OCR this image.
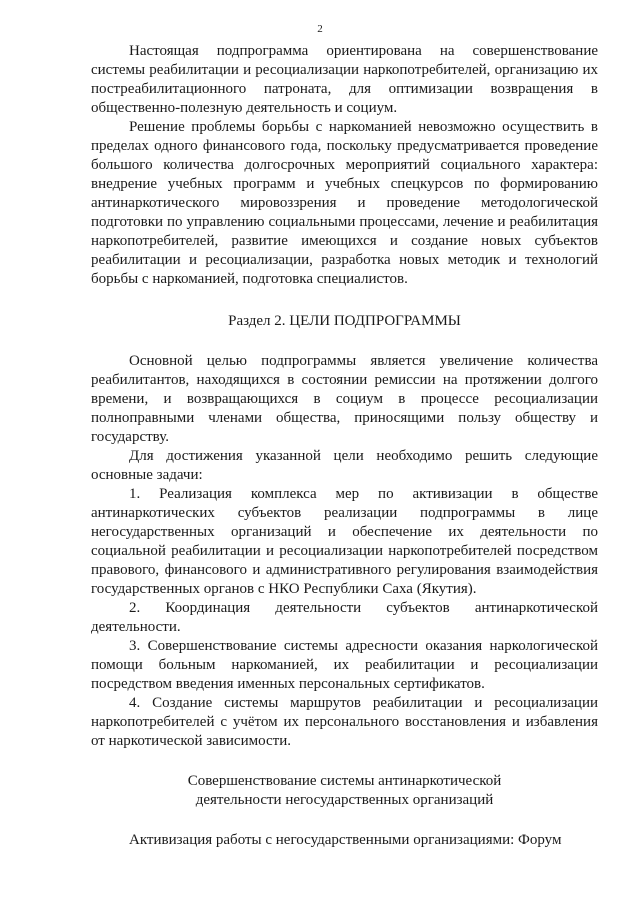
2

Настоящая подпрограмма ориентирована на совершенствование системы реабилитации и ресоциализации наркопотребителей, организацию их постреабилитационного патроната, для оптимизации возвращения в общественно-полезную деятельность и социум.

Решение проблемы борьбы с наркоманией невозможно осуществить в пределах одного финансового года, поскольку предусматривается проведение большого количества долгосрочных мероприятий социального характера: внедрение учебных программ и учебных спецкурсов по формированию антинаркотического мировоззрения и проведение методологической подготовки по управлению социальными процессами, лечение и реабилитация наркопотребителей, развитие имеющихся и создание новых субъектов реабилитации и ресоциализации, разработка новых методик и технологий борьбы с наркоманией, подготовка специалистов.

Раздел 2. ЦЕЛИ ПОДПРОГРАММЫ

Основной целью подпрограммы является увеличение количества реабилитантов, находящихся в состоянии ремиссии на протяжении долгого времени, и возвращающихся в социум в процессе ресоциализации полноправными членами общества, приносящими пользу обществу и государству.

Для достижения указанной цели необходимо решить следующие основные задачи:

1. Реализация комплекса мер по активизации в обществе антинаркотических субъектов реализации подпрограммы в лице негосударственных организаций и обеспечение их деятельности по социальной реабилитации и ресоциализации наркопотребителей посредством правового, финансового и административного регулирования взаимодействия государственных органов с НКО Республики Саха (Якутия).

2. Координация деятельности субъектов антинаркотической деятельности.

3. Совершенствование системы адресности оказания наркологической помощи больным наркоманией, их реабилитации и ресоциализации посредством введения именных персональных сертификатов.

4. Создание системы маршрутов реабилитации и ресоциализации наркопотребителей с учётом их персонального восстановления и избавления от наркотической зависимости.

Совершенствование системы антинаркотической

деятельности негосударственных организаций

Активизация работы с негосударственными организациями: Форум
